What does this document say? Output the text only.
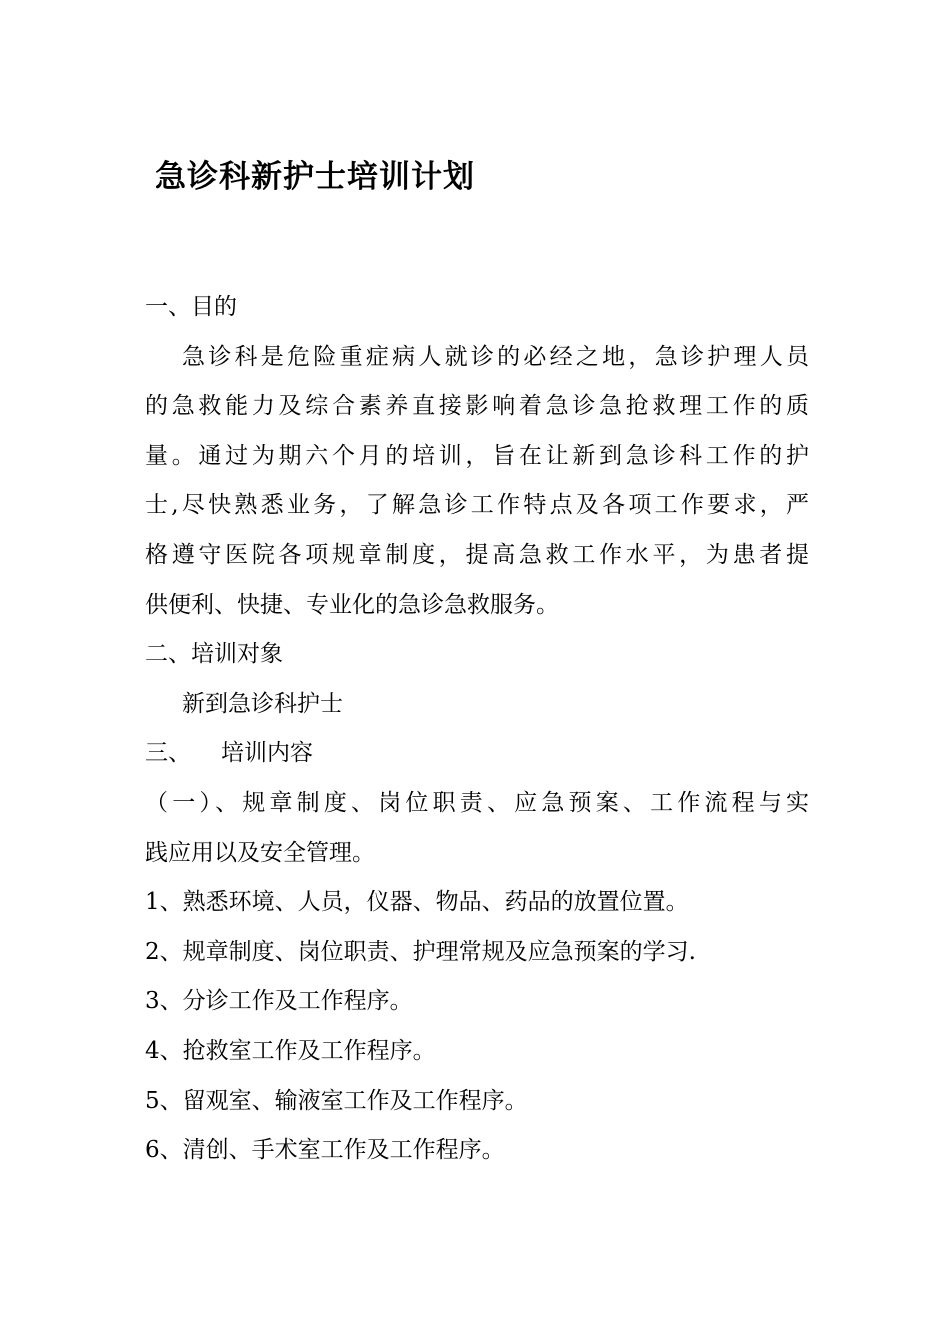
急诊科新护士培训计划

一、目的

急诊科是危险重症病人就诊的必经之地，急诊护理人员

的急救能力及综合素养直接影响着急诊急抢救理工作的质

量。通过为期六个月的培训，旨在让新到急诊科工作的护

士,尽快熟悉业务，了解急诊工作特点及各项工作要求，严

格遵守医院各项规章制度，提高急救工作水平，为患者提

供便利、快捷、专业化的急诊急救服务。

二、培训对象

新到急诊科护士

三、 培训内容

（一）、规章制度、岗位职责、应急预案、工作流程与实

践应用以及安全管理。

1、熟悉环境、人员，仪器、物品、药品的放置位置。

2、规章制度、岗位职责、护理常规及应急预案的学习.

3、分诊工作及工作程序。

4、抢救室工作及工作程序。

5、留观室、输液室工作及工作程序。

6、清创、手术室工作及工作程序。
